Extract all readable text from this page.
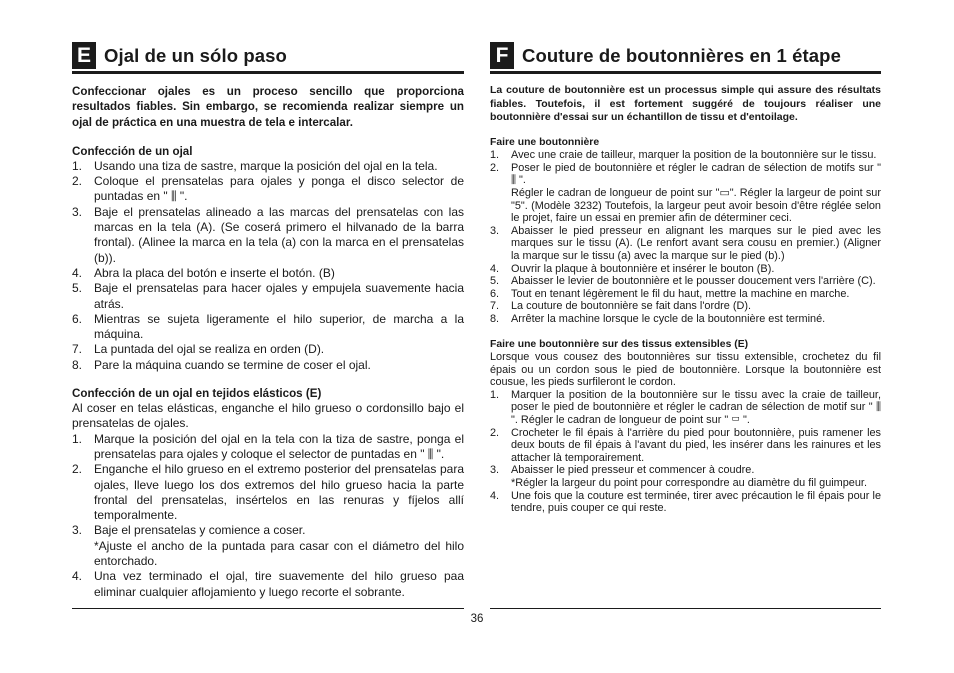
E Ojal de un sólo paso

Confeccionar ojales es un proceso sencillo que proporciona resultados fiables. Sin embargo, se recomienda realizar siempre un ojal de práctica en una muestra de tela e intercalar.

Confección de un ojal

1. Usando una tiza de sastre, marque la posición del ojal en la tela.
2. Coloque el prensatelas para ojales y ponga el disco selector de puntadas en " ⫼ ".
3. Baje el prensatelas alineado a las marcas del prensatelas con las marcas en la tela (A). (Se coserá primero el hilvanado de la barra frontal). (Alinee la marca en la tela (a) con la marca en el prensatelas (b)).
4. Abra la placa del botón e inserte el botón. (B)
5. Baje el prensatelas para hacer ojales y empujela suavemente hacia atrás.
6. Mientras se sujeta ligeramente el hilo superior, de marcha a la máquina.
7. La puntada del ojal se realiza en orden (D).
8. Pare la máquina cuando se termine de coser el ojal.

Confección de un ojal en tejidos elásticos (E)

Al coser en telas elásticas, enganche el hilo grueso o cordonsillo bajo el prensatelas de ojales.

1. Marque la posición del ojal en la tela con la tiza de sastre, ponga el prensatelas para ojales y coloque el selector de puntadas en " ⫼ ".
2. Enganche el hilo grueso en el extremo posterior del prensatelas para ojales, lleve luego los dos extremos del hilo grueso hacia la parte frontal del prensatelas, insértelos en las renuras y fíjelos allí temporalmente.
3. Baje el prensatelas y comience a coser.
*Ajuste el ancho de la puntada para casar con el diámetro del hilo entorchado.
4. Una vez terminado el ojal, tire suavemente del hilo grueso paa eliminar cualquier aflojamiento y luego recorte el sobrante.
F Couture de boutonnières en 1 étape

La couture de boutonnière est un processus simple qui assure des résultats fiables. Toutefois, il est fortement suggéré de toujours réaliser une boutonnière d'essai sur un échantillon de tissu et d'entoilage.

Faire une boutonnière

1.	Avec une craie de tailleur, marquer la position de la boutonnière sur le tissu.
2.	Poser le pied de boutonnière et régler le cadran de sélection de motifs sur " ⫼ ".
Régler le cadran de longueur de point sur "▭". Régler la largeur de point sur "5". (Modèle 3232) Toutefois, la largeur peut avoir besoin d'être réglée selon le projet, faire un essai en premier afin de déterminer ceci.
3.	Abaisser le pied presseur en alignant les marques sur le pied avec les marques sur le tissu (A). (Le renfort avant sera cousu en premier.) (Aligner la marque sur le tissu (a) avec la marque sur le pied (b).)
4.	Ouvrir la plaque à boutonnière et insérer le bouton (B).
5.	Abaisser le levier de boutonnière et le pousser doucement vers l'arrière (C).
6.	Tout en tenant légèrement le fil du haut, mettre la machine en marche.
7.	La couture de boutonnière se fait dans l'ordre (D).
8.	Arrêter la machine lorsque le cycle de la boutonnière est terminé.

Faire une boutonnière sur des tissus extensibles (E)

Lorsque vous cousez des boutonnières sur tissu extensible, crochetez du fil épais ou un cordon sous le pied de boutonnière. Lorsque la boutonnière est cousue, les pieds surfileront le cordon.

1.	Marquer la position de la boutonnière sur le tissu avec la craie de tailleur, poser le pied de boutonnière et régler le cadran de sélection de motif sur " ⫼ ". Régler le cadran de longueur de point sur " ▭ ".
2.	Crocheter le fil épais à l'arrière du pied pour boutonnière, puis ramener les deux bouts de fil épais à l'avant du pied, les insérer dans les rainures et les attacher là temporairement.
3.	Abaisser le pied presseur et commencer à coudre.
*Régler la largeur du point pour correspondre au diamètre du fil guimpeur.
4.	Une fois que la couture est terminée, tirer avec précaution le fil épais pour le tendre, puis couper ce qui reste.
36
